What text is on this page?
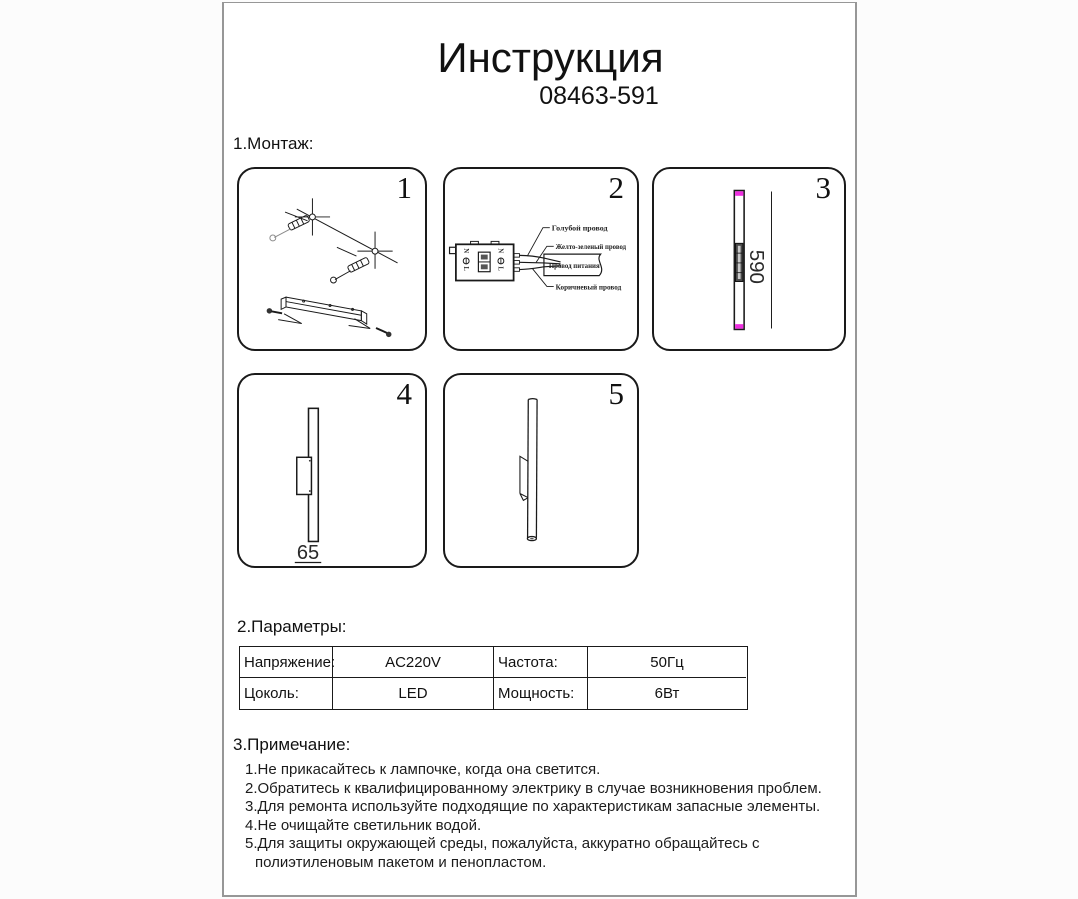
Инструкция
08463-591
1.Монтаж:
1
N
L
N
L
Голубой провод
Желто-зеленый провод
Провод питания
Коричневый провод
2
590
3
65
4	5
2.Параметры:
Напряжение:	AC220V	Частота:	50Гц
Цоколь:	LED	Мощность:	6Вт
3.Примечание:
1.Не прикасайтесь к лампочке, когда она светится.
2.Обратитесь к квалифицированному электрику в случае возникновения проблем.
3.Для ремонта используйте подходящие по характеристикам запасные элементы.
4.Не очищайте светильник водой.
5.Для защиты окружающей среды, пожалуйста, аккуратно обращайтесь с полиэтиленовым пакетом и пенопластом.
